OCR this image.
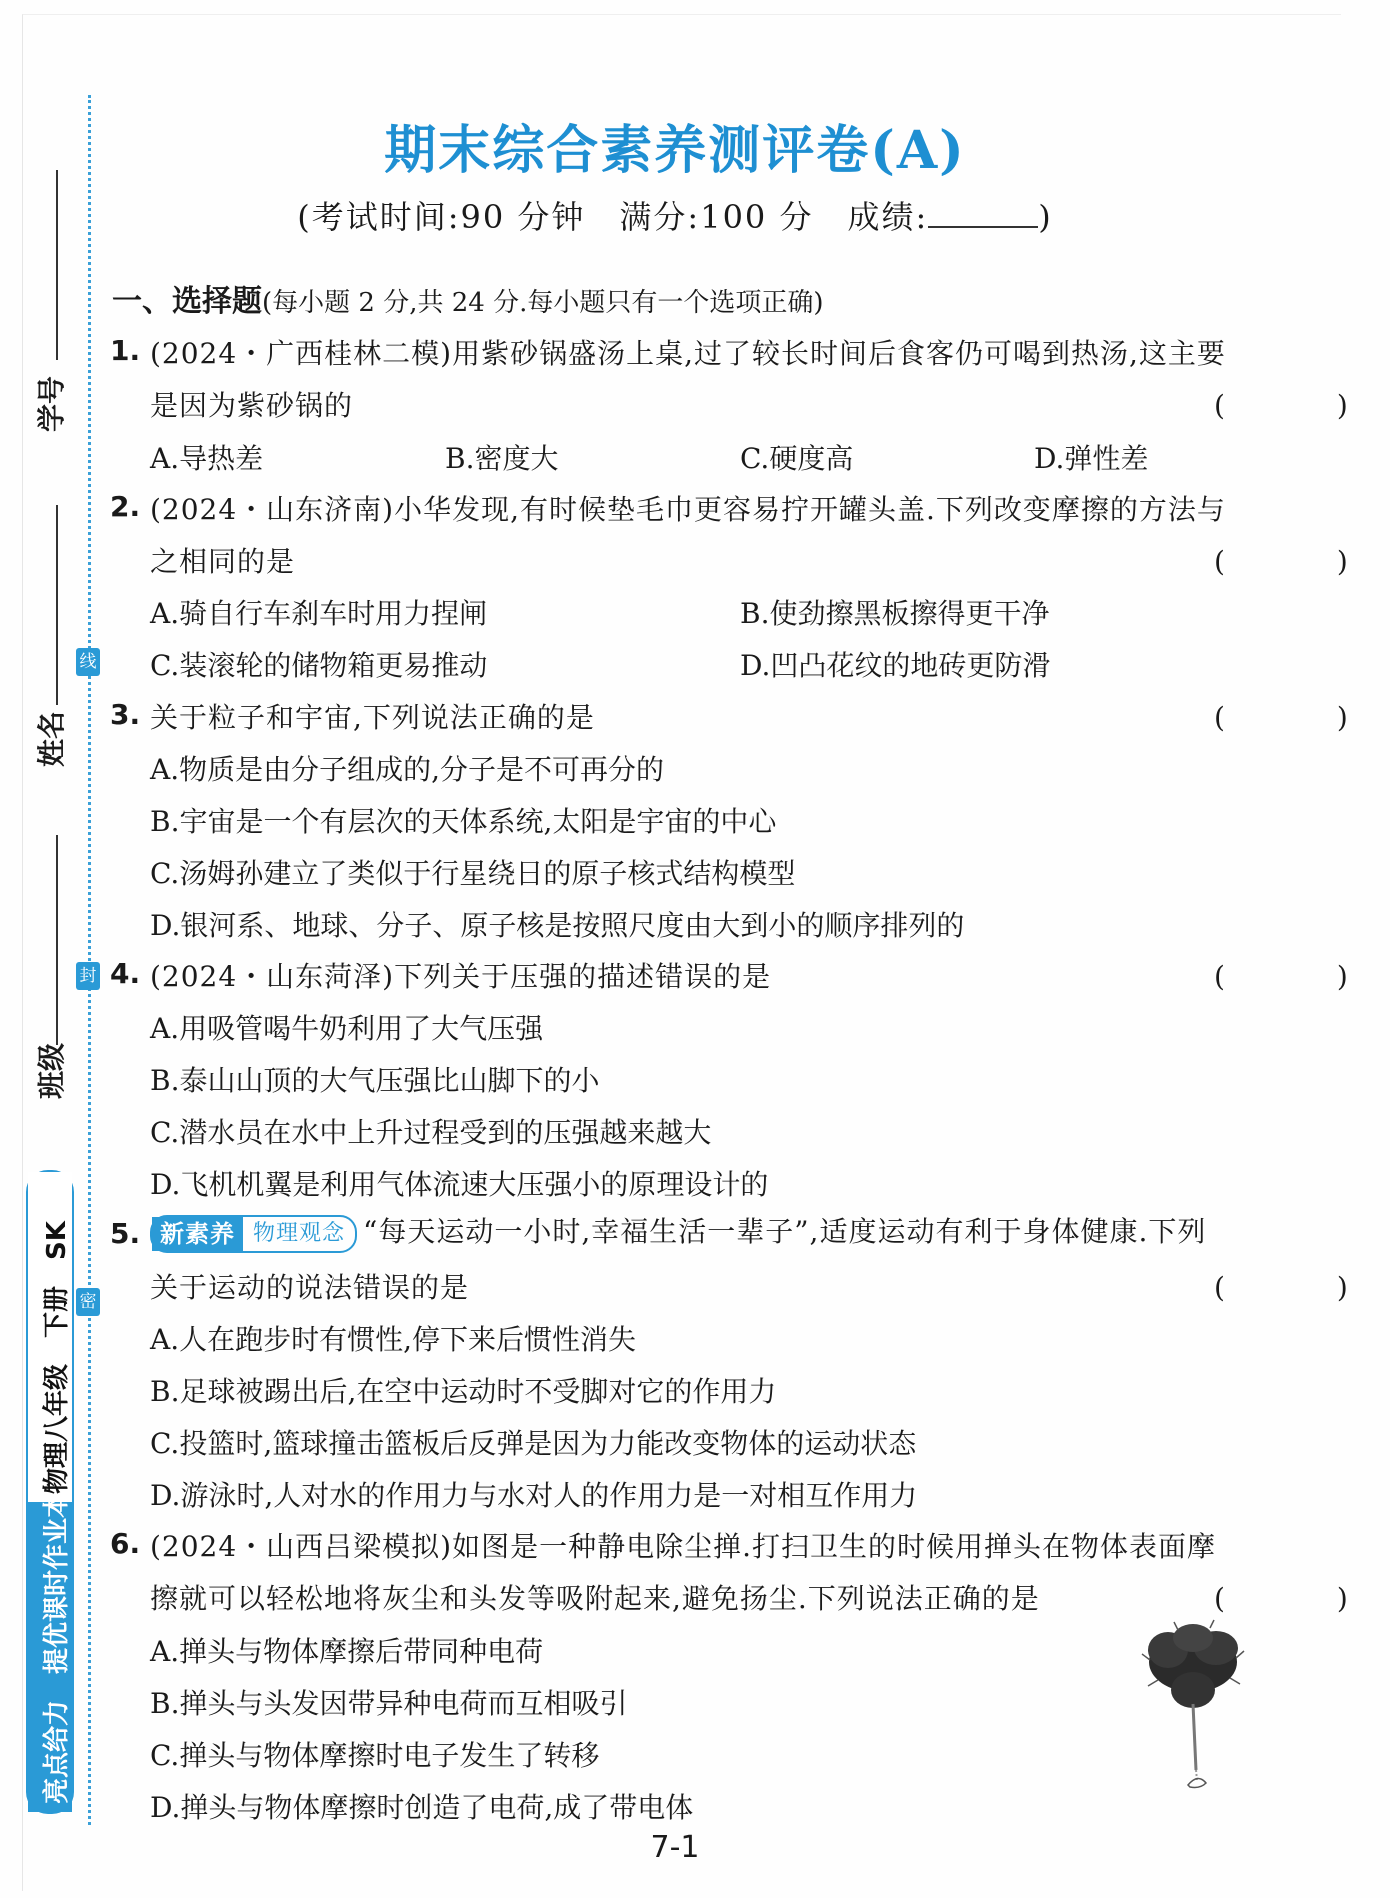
线
封
密
学号
姓名
班级
物理八年级　下册　SK
亮点给力　提优课时作业本
期末综合素养测评卷(A)
(考试时间:90 分钟　满分:100 分　成绩:	)
一、选择题(每小题 2 分,共 24 分.每小题只有一个选项正确)
1. (2024・广西桂林二模)用紫砂锅盛汤上桌,过了较长时间后食客仍可喝到热汤,这主要
是因为紫砂锅的	(　)
A.导热差	B.密度大	C.硬度高	D.弹性差
2. (2024・山东济南)小华发现,有时候垫毛巾更容易拧开罐头盖.下列改变摩擦的方法与
之相同的是	(　)
A.骑自行车刹车时用力捏闸	B.使劲擦黑板擦得更干净
C.装滚轮的储物箱更易推动	D.凹凸花纹的地砖更防滑
3. 关于粒子和宇宙,下列说法正确的是	(　)
A.物质是由分子组成的,分子是不可再分的
B.宇宙是一个有层次的天体系统,太阳是宇宙的中心
C.汤姆孙建立了类似于行星绕日的原子核式结构模型
D.银河系、地球、分子、原子核是按照尺度由大到小的顺序排列的
4. (2024・山东菏泽)下列关于压强的描述错误的是	(　)
A.用吸管喝牛奶利用了大气压强
B.泰山山顶的大气压强比山脚下的小
C.潜水员在水中上升过程受到的压强越来越大
D.飞机机翼是利用气体流速大压强小的原理设计的
5. 新素养 物理观念 “每天运动一小时,幸福生活一辈子”,适度运动有利于身体健康.下列
关于运动的说法错误的是	(　)
A.人在跑步时有惯性,停下来后惯性消失
B.足球被踢出后,在空中运动时不受脚对它的作用力
C.投篮时,篮球撞击篮板后反弹是因为力能改变物体的运动状态
D.游泳时,人对水的作用力与水对人的作用力是一对相互作用力
6. (2024・山西吕梁模拟)如图是一种静电除尘掸.打扫卫生的时候用掸头在物体表面摩
擦就可以轻松地将灰尘和头发等吸附起来,避免扬尘.下列说法正确的是	(　)
A.掸头与物体摩擦后带同种电荷
B.掸头与头发因带异种电荷而互相吸引
C.掸头与物体摩擦时电子发生了转移
D.掸头与物体摩擦时创造了电荷,成了带电体
7-1
